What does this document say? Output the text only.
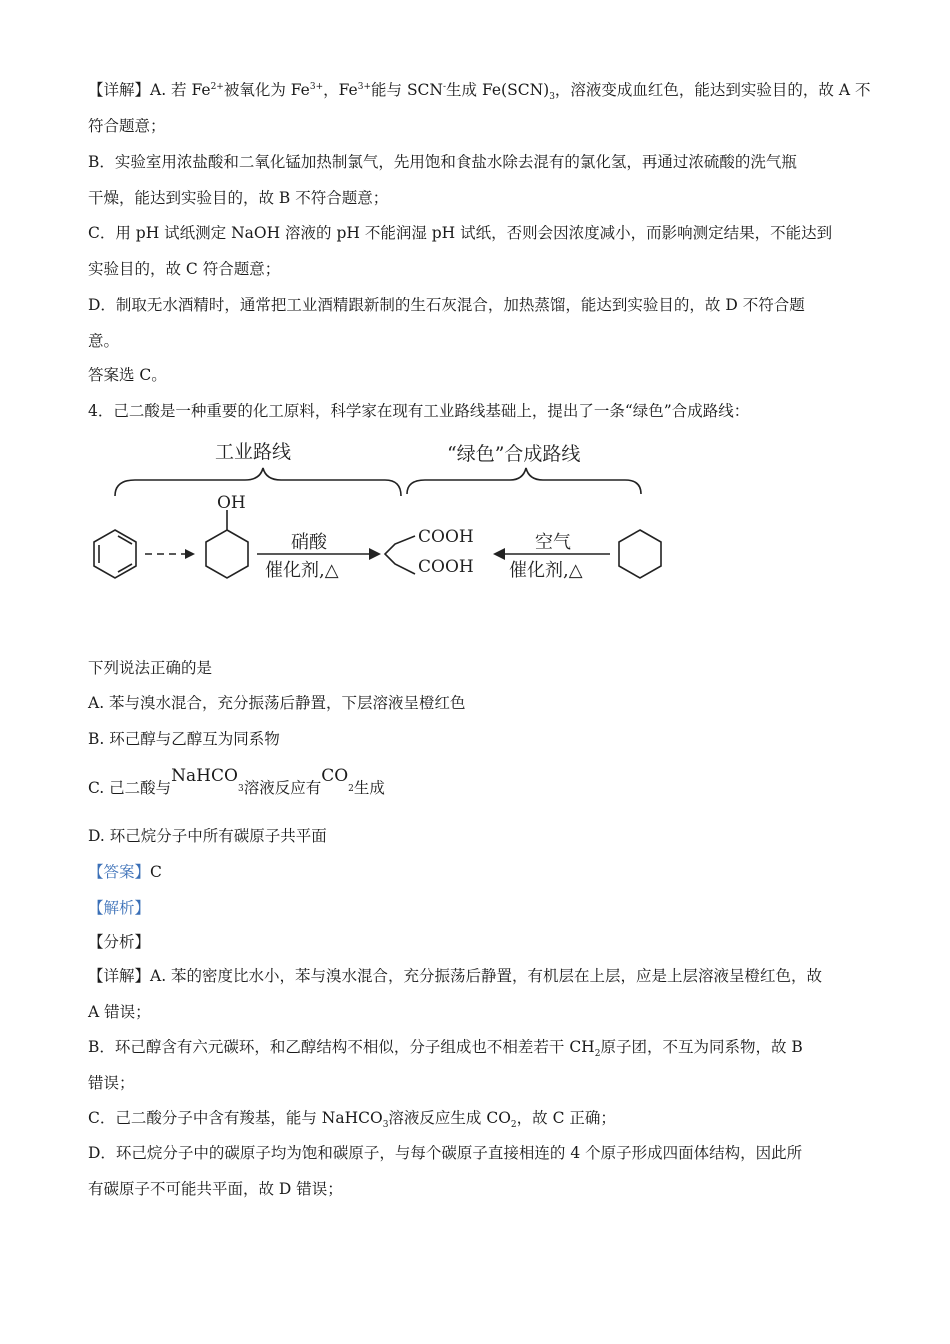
【详解】A. 若 $Fe^{2+}$被氧化为 $Fe^{3+}$，$Fe^{3+}$能与 SCN-生成 $Fe(SCN)_3$，溶液变成血红色，能达到实验目的，故 A 不
符合题意；
B．实验室用浓盐酸和二氧化锰加热制氯气，先用饱和食盐水除去混有的氯化氢，再通过浓硫酸的洗气瓶
干燥，能达到实验目的，故 B 不符合题意；
C．用 pH 试纸测定 NaOH 溶液的 pH 不能润湿 pH 试纸，否则会因浓度减小，而影响测定结果，不能达到
实验目的，故 C 符合题意；
D．制取无水酒精时，通常把工业酒精跟新制的生石灰混合，加热蒸馏，能达到实验目的，故 D 不符合题
意。
答案选 C。
4．己二酸是一种重要的化工原料，科学家在现有工业路线基础上，提出了一条“绿色”合成路线：
工业路线	“绿色”合成路线
OH
硝酸
催化剂,△
COOH
COOH
空气
催化剂,△
下列说法正确的是
A. 苯与溴水混合，充分振荡后静置，下层溶液呈橙红色
B. 环己醇与乙醇互为同系物
C. 己二酸与NaHCO$_3$溶液反应有$CO_2$生成
D. 环己烷分子中所有碳原子共平面
【答案】C
【解析】
【分析】
【详解】A. 苯的密度比水小，苯与溴水混合，充分振荡后静置，有机层在上层，应是上层溶液呈橙红色，故
A 错误；
B．环己醇含有六元碳环，和乙醇结构不相似，分子组成也不相差若干 $CH_2$原子团，不互为同系物，故 B
错误；
C．己二酸分子中含有羧基，能与 NaHCO$_3$溶液反应生成 $CO_2$，故 C 正确；
D．环己烷分子中的碳原子均为饱和碳原子，与每个碳原子直接相连的 4 个原子形成四面体结构，因此所
有碳原子不可能共平面，故 D 错误；
